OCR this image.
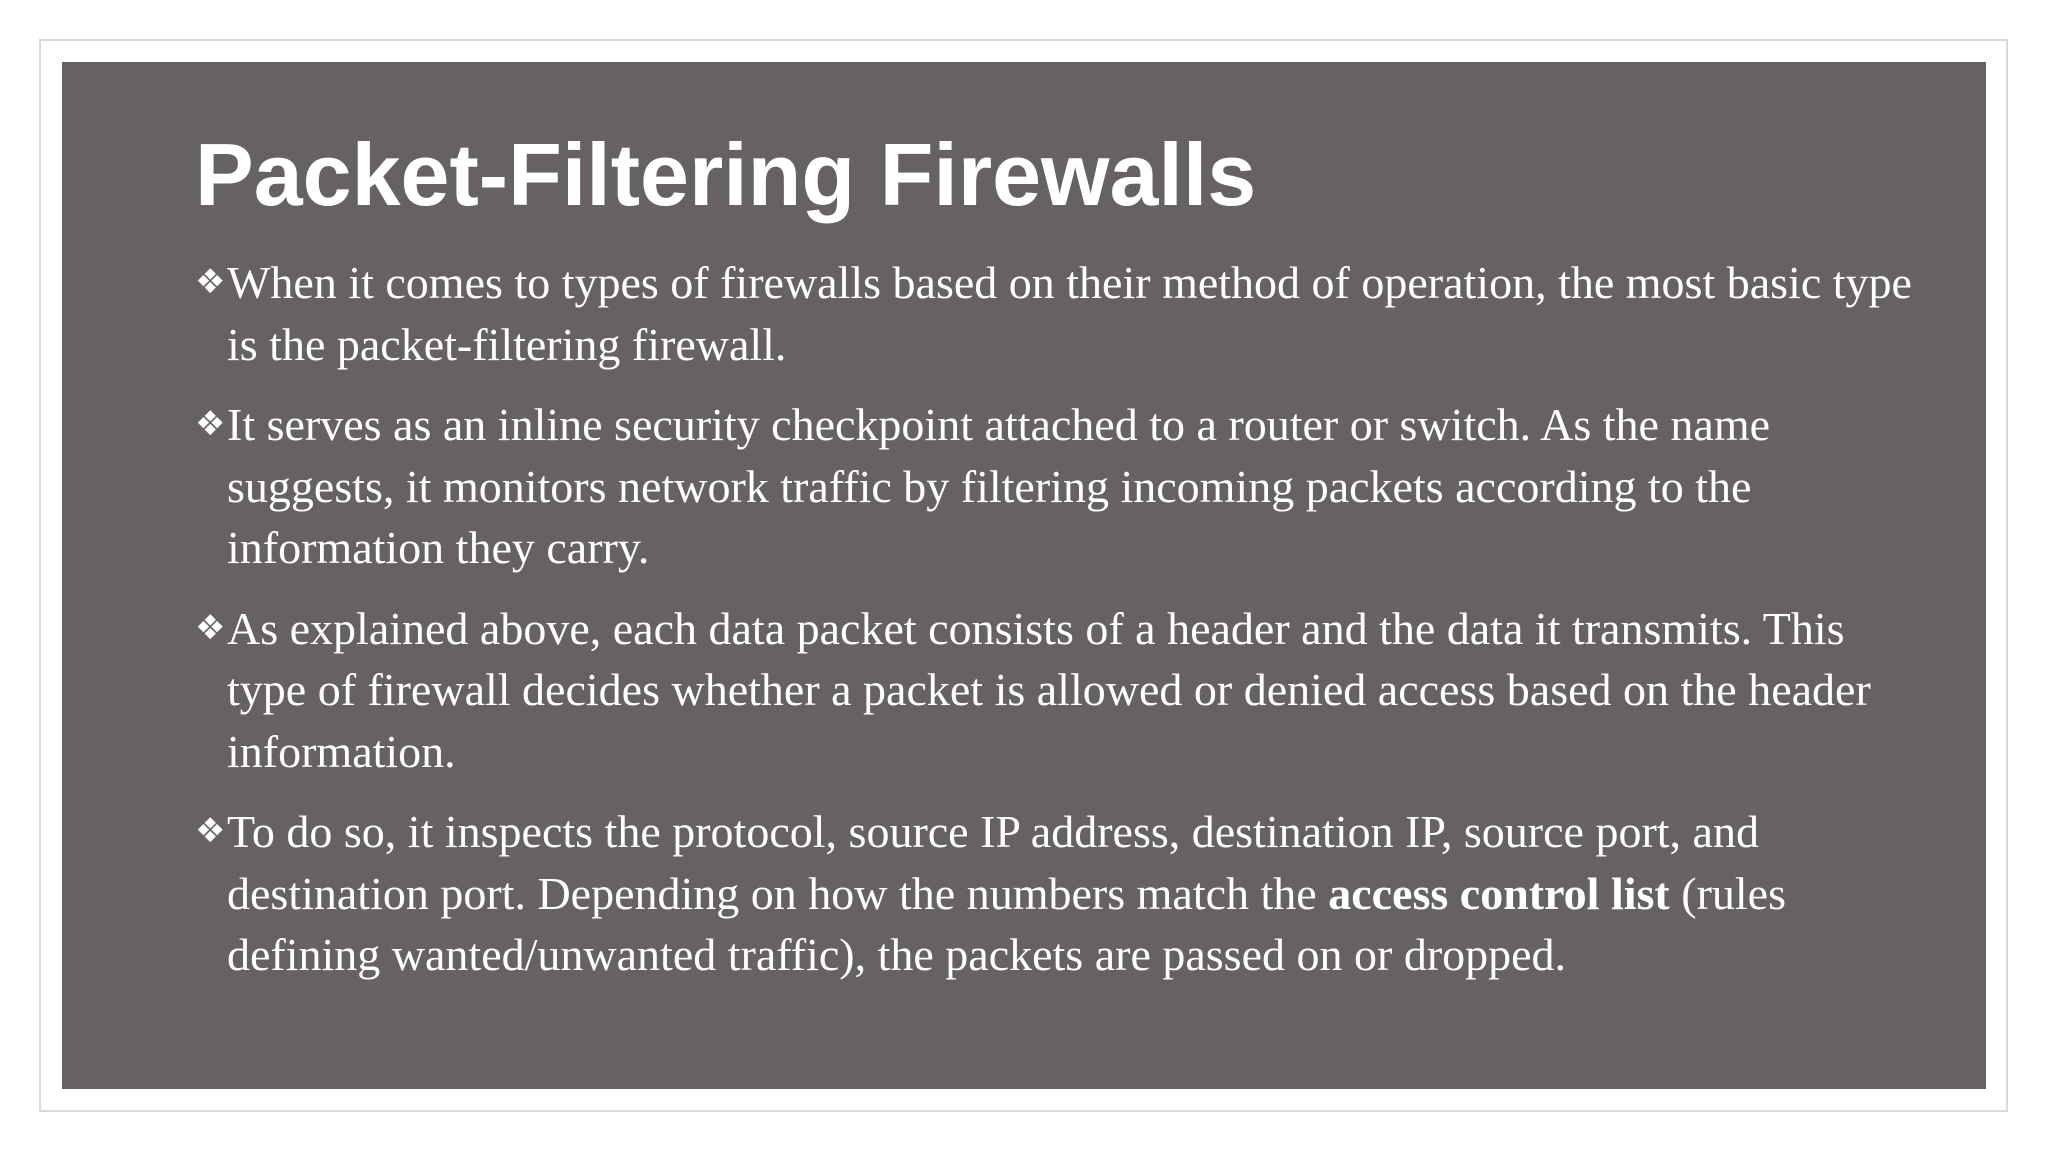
Packet-Filtering Firewalls
❖ When it comes to types of firewalls based on their method of operation, the most basic type is the packet-filtering firewall.
❖ It serves as an inline security checkpoint attached to a router or switch. As the name suggests, it monitors network traffic by filtering incoming packets according to the information they carry.
❖ As explained above, each data packet consists of a header and the data it transmits. This type of firewall decides whether a packet is allowed or denied access based on the header information.
❖ To do so, it inspects the protocol, source IP address, destination IP, source port, and destination port. Depending on how the numbers match the access control list (rules defining wanted/unwanted traffic), the packets are passed on or dropped.
